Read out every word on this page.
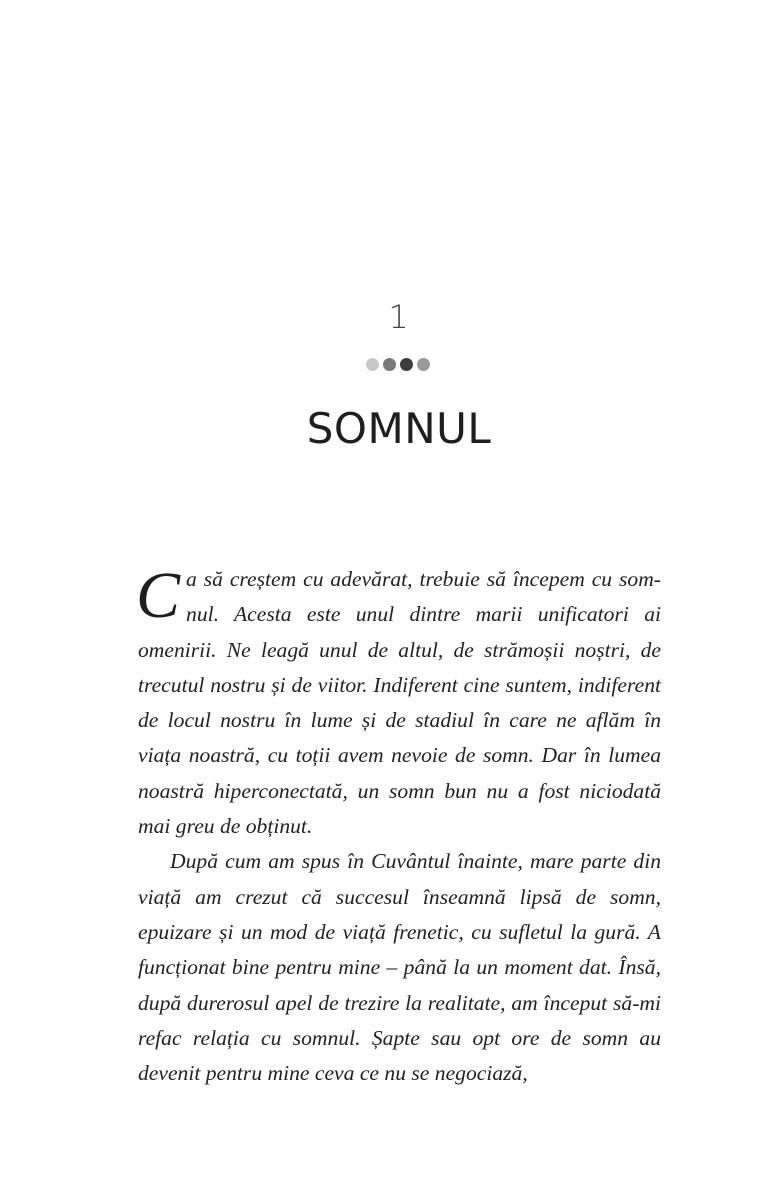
1
SOMNUL

Ca să creștem cu adevărat, trebuie să începem cu somnul. Acesta este unul dintre marii unificatori ai omenirii. Ne leagă unul de altul, de strămoșii noștri, de trecutul nostru și de viitor. Indiferent cine suntem, indiferent de locul nostru în lume și de stadiul în care ne aflăm în viața noastră, cu toții avem nevoie de somn. Dar în lumea noastră hiperconectată, un somn bun nu a fost niciodată mai greu de obținut.

După cum am spus în Cuvântul înainte, mare parte din viață am crezut că succesul înseamnă lipsă de somn, epuizare și un mod de viață frenetic, cu sufletul la gură. A funcționat bine pentru mine – până la un moment dat. Însă, după durerosul apel de trezire la realitate, am început să-mi refac relația cu somnul. Șapte sau opt ore de somn au devenit pentru mine ceva ce nu se negociază,
